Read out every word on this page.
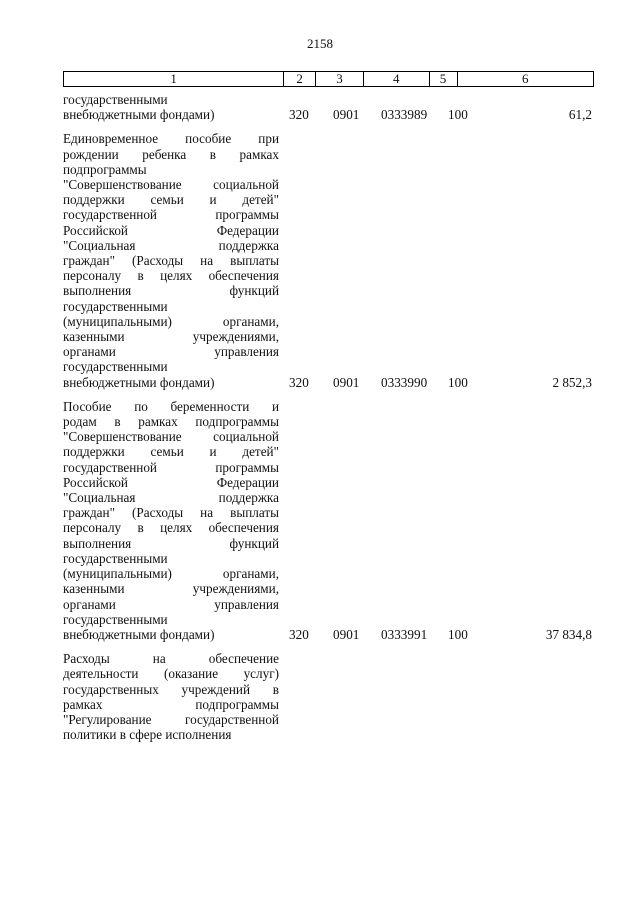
2158
1	2	3	4	5	6
государственными
внебюджетными фондами)	320 0901 0333989 100	61,2
Единовременное пособие при
рождении ребенка в рамках
подпрограммы
"Совершенствование социальной
поддержки семьи и детей"
государственной программы
Российской Федерации
"Социальная поддержка
граждан" (Расходы на выплаты
персоналу в целях обеспечения
выполнения функций
государственными
(муниципальными) органами,
казенными учреждениями,
органами управления
государственными
внебюджетными фондами)	320 0901 0333990 100	2 852,3
Пособие по беременности и
родам в рамках подпрограммы
"Совершенствование социальной
поддержки семьи и детей"
государственной программы
Российской Федерации
"Социальная поддержка
граждан" (Расходы на выплаты
персоналу в целях обеспечения
выполнения функций
государственными
(муниципальными) органами,
казенными учреждениями,
органами управления
государственными
внебюджетными фондами)	320 0901 0333991 100	37 834,8
Расходы на обеспечение
деятельности (оказание услуг)
государственных учреждений в
рамках подпрограммы
"Регулирование государственной
политики в сфере исполнения
